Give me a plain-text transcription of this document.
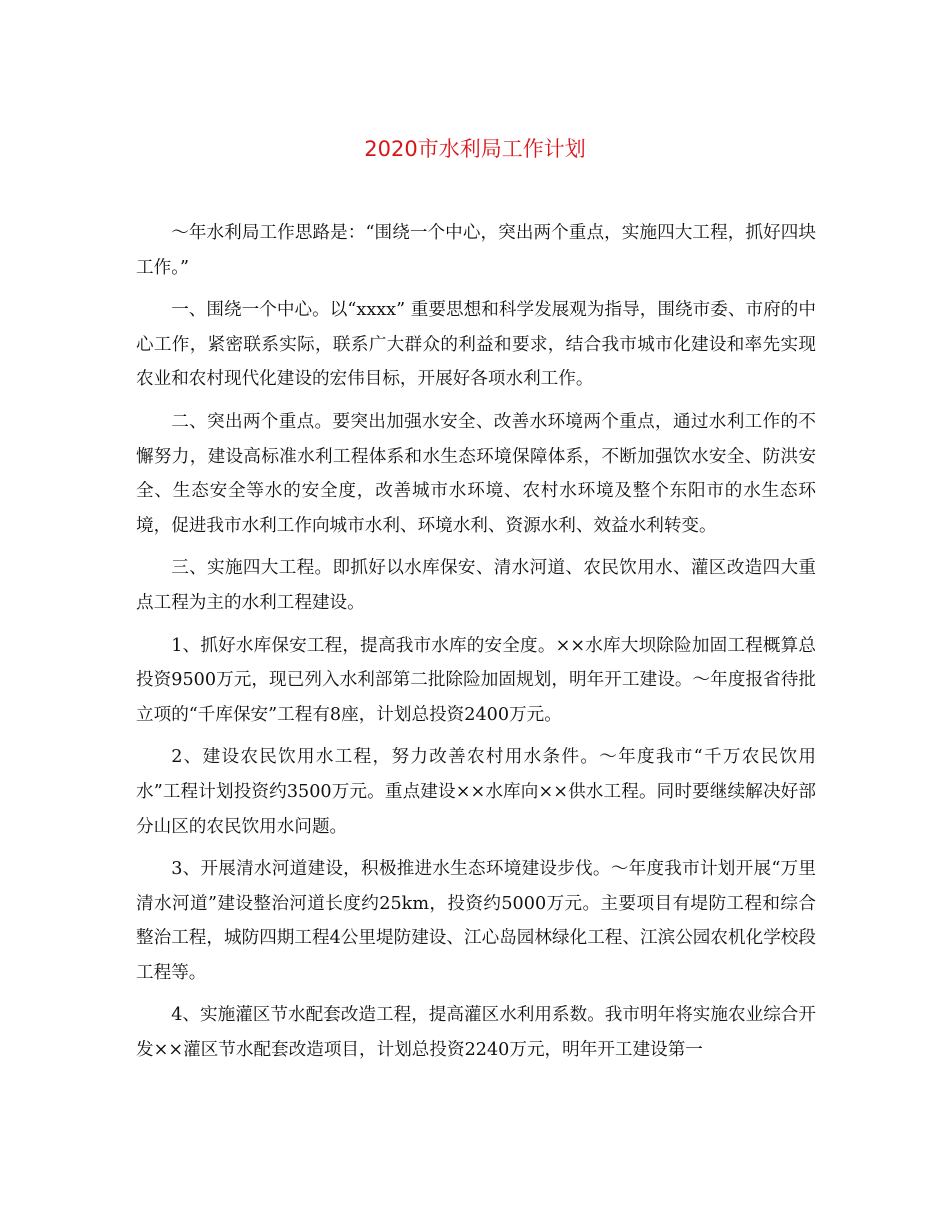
2020市水利局工作计划

～年水利局工作思路是：“围绕一个中心，突出两个重点，实施四大工程，抓好四块工作。”

一、围绕一个中心。以“xxxx” 重要思想和科学发展观为指导，围绕市委、市府的中心工作，紧密联系实际，联系广大群众的利益和要求，结合我市城市化建设和率先实现农业和农村现代化建设的宏伟目标，开展好各项水利工作。

二、突出两个重点。要突出加强水安全、改善水环境两个重点，通过水利工作的不懈努力，建设高标准水利工程体系和水生态环境保障体系，不断加强饮水安全、防洪安全、生态安全等水的安全度，改善城市水环境、农村水环境及整个东阳市的水生态环境，促进我市水利工作向城市水利、环境水利、资源水利、效益水利转变。

三、实施四大工程。即抓好以水库保安、清水河道、农民饮用水、灌区改造四大重点工程为主的水利工程建设。

1、抓好水库保安工程，提高我市水库的安全度。××水库大坝除险加固工程概算总投资9500万元，现已列入水利部第二批除险加固规划，明年开工建设。～年度报省待批立项的“千库保安”工程有8座，计划总投资2400万元。

2、建设农民饮用水工程，努力改善农村用水条件。～年度我市“千万农民饮用水”工程计划投资约3500万元。重点建设××水库向××供水工程。同时要继续解决好部分山区的农民饮用水问题。

3、开展清水河道建设，积极推进水生态环境建设步伐。～年度我市计划开展“万里清水河道”建设整治河道长度约25km，投资约5000万元。主要项目有堤防工程和综合整治工程，城防四期工程4公里堤防建设、江心岛园林绿化工程、江滨公园农机化学校段工程等。

4、实施灌区节水配套改造工程，提高灌区水利用系数。我市明年将实施农业综合开发××灌区节水配套改造项目，计划总投资2240万元，明年开工建设第一
